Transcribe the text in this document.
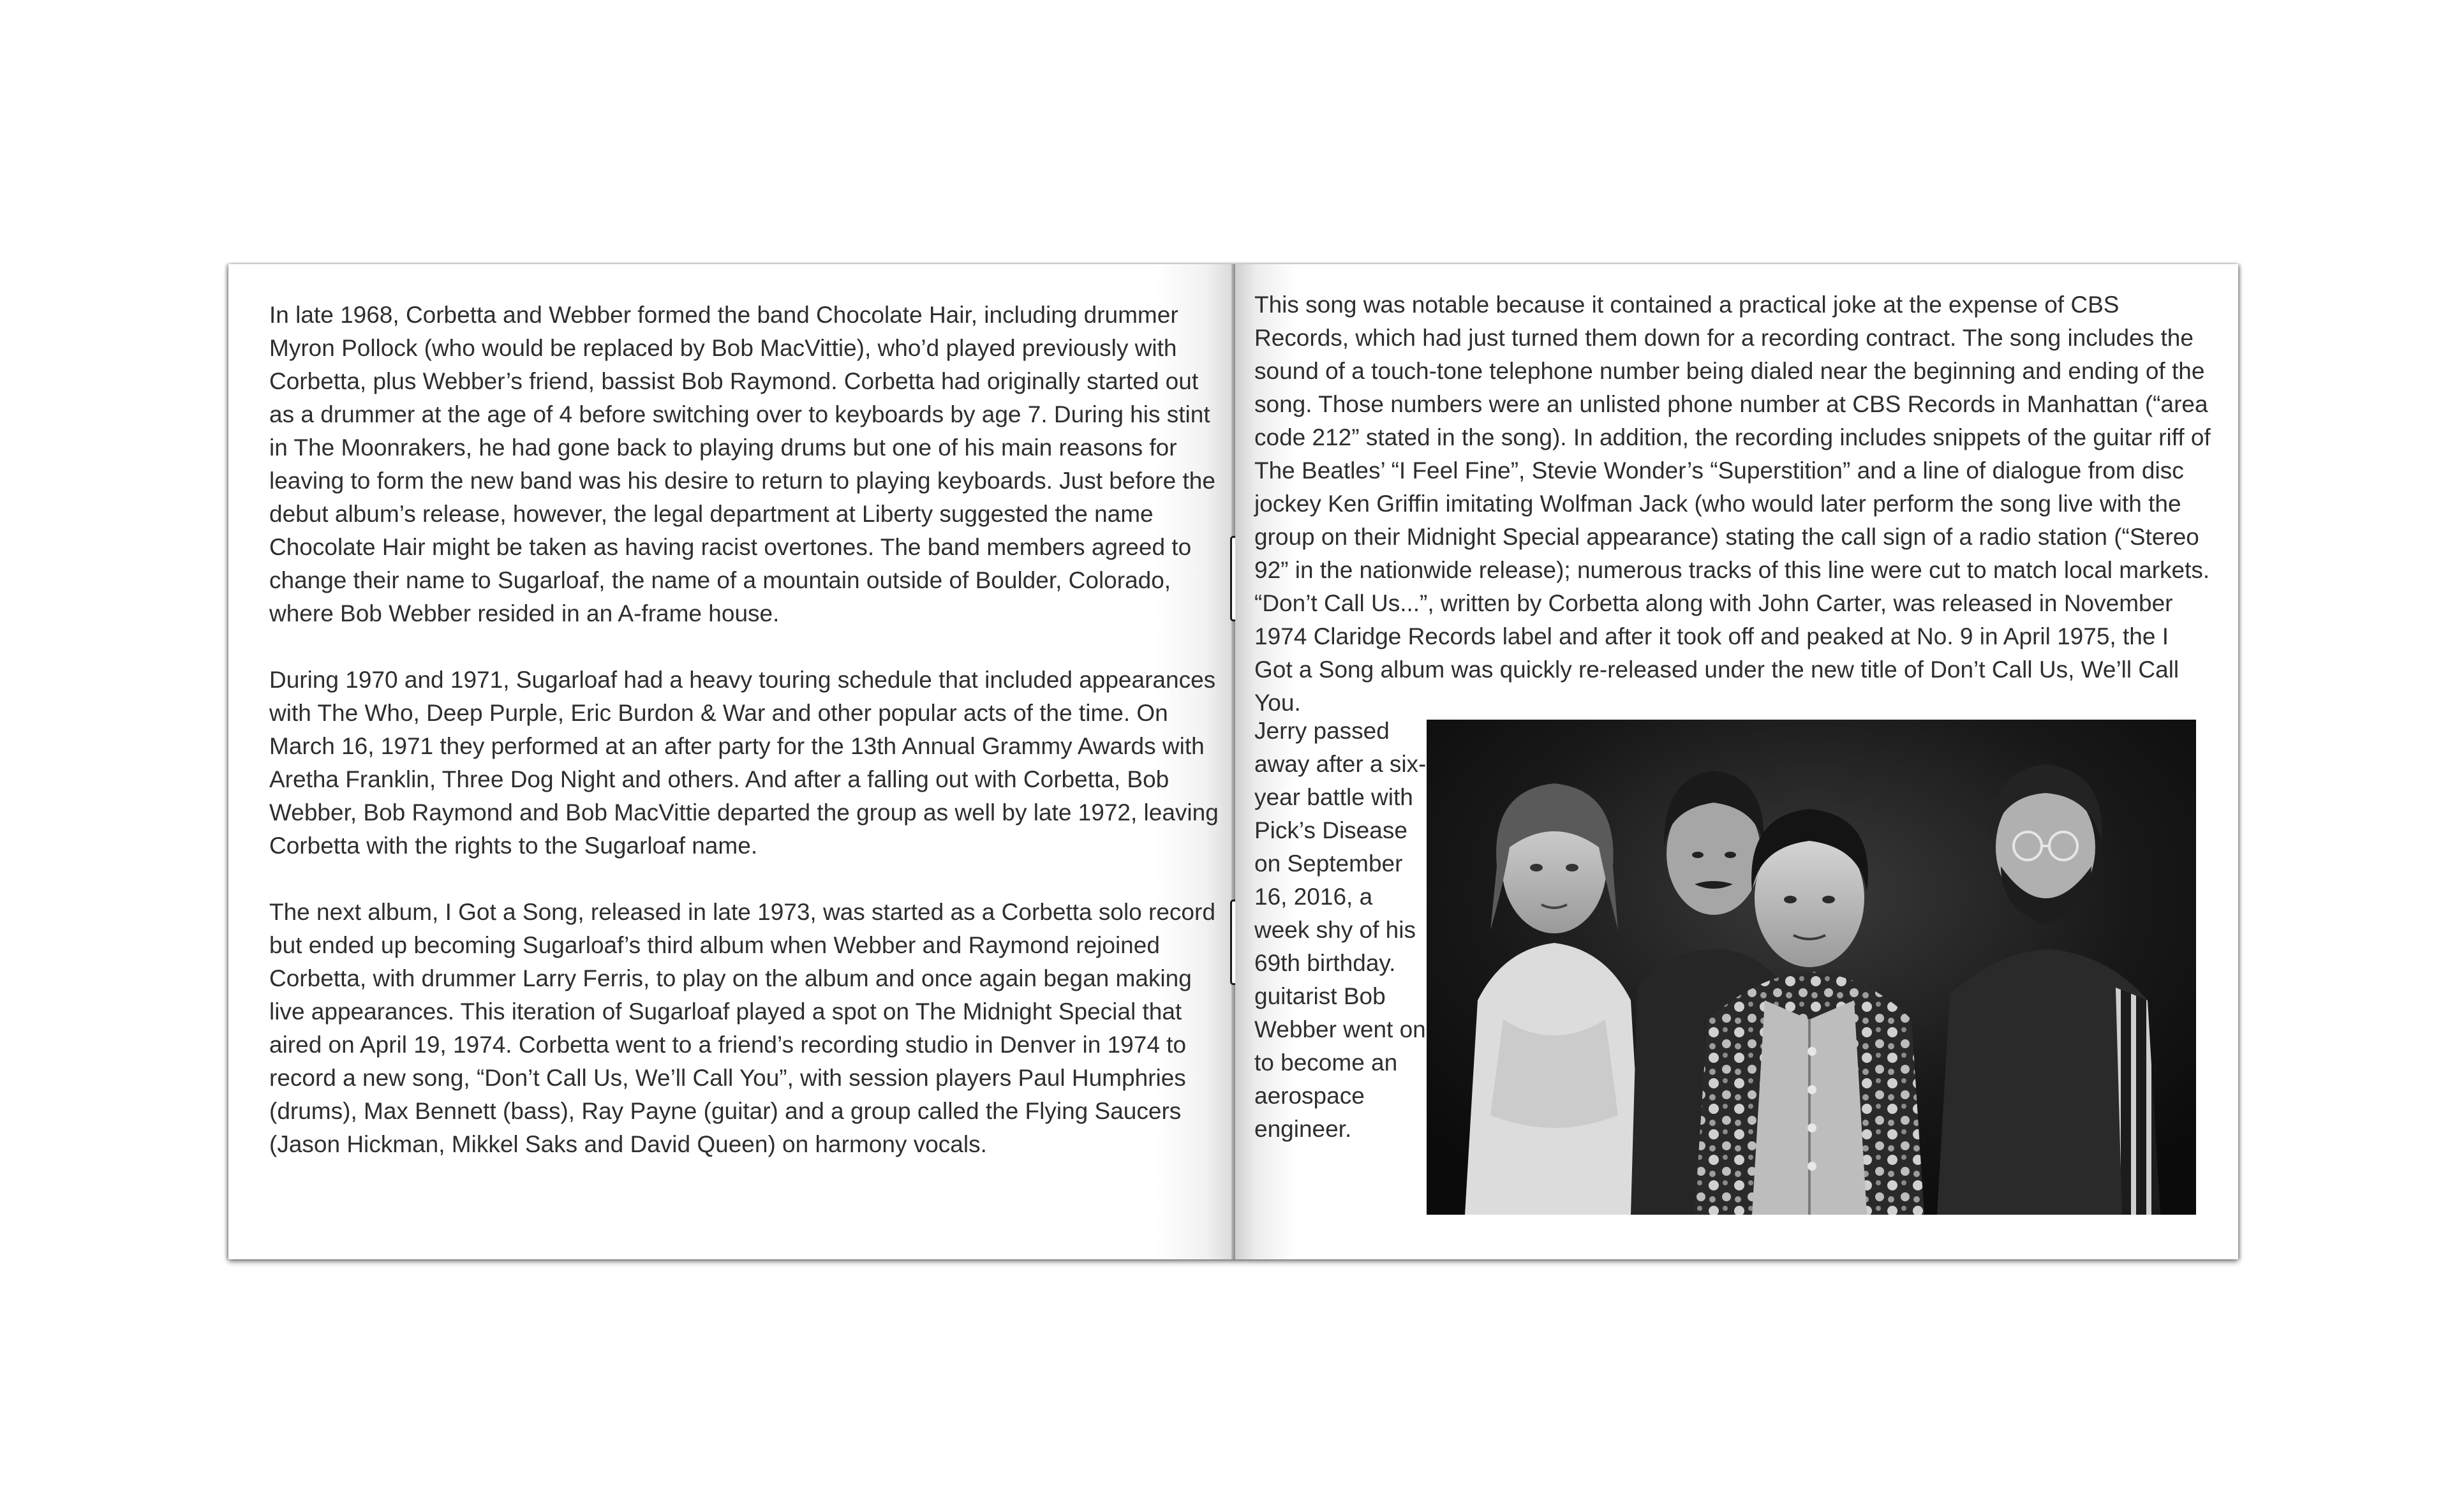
In late 1968, Corbetta and Webber formed the band Chocolate Hair, including drummer Myron Pollock (who would be replaced by Bob MacVittie), who’d played previously with Corbetta, plus Webber’s friend, bassist Bob Raymond. Corbetta had originally started out as a drummer at the age of 4 before switching over to keyboards by age 7. During his stint in The Moonrakers, he had gone back to playing drums but one of his main reasons for leaving to form the new band was his desire to return to playing keyboards. Just before the debut album’s release, however, the legal department at Liberty suggested the name Chocolate Hair might be taken as having racist overtones. The band members agreed to change their name to Sugarloaf, the name of a mountain outside of Boulder, Colorado, where Bob Webber resided in an A-frame house.

During 1970 and 1971, Sugarloaf had a heavy touring schedule that included appearances with The Who, Deep Purple, Eric Burdon & War and other popular acts of the time. On March 16, 1971 they performed at an after party for the 13th Annual Grammy Awards with Aretha Franklin, Three Dog Night and others. And after a falling out with Corbetta, Bob Webber, Bob Raymond and Bob MacVittie departed the group as well by late 1972, leaving Corbetta with the rights to the Sugarloaf name.

The next album, I Got a Song, released in late 1973, was started as a Corbetta solo record but ended up becoming Sugarloaf’s third album when Webber and Raymond rejoined Corbetta, with drummer Larry Ferris, to play on the album and once again began making live appearances. This iteration of Sugarloaf played a spot on The Midnight Special that aired on April 19, 1974. Corbetta went to a friend’s recording studio in Denver in 1974 to record a new song, “Don’t Call Us, We’ll Call You”, with session players Paul Humphries (drums), Max Bennett (bass), Ray Payne (guitar) and a group called the Flying Saucers (Jason Hickman, Mikkel Saks and David Queen) on harmony vocals.

This song was notable because it contained a practical joke at the expense of CBS Records, which had just turned them down for a recording contract. The song includes the sound of a touch-tone telephone number being dialed near the beginning and ending of the song. Those numbers were an unlisted phone number at CBS Records in Manhattan (“area code 212” stated in the song). In addition, the recording includes snippets of the guitar riff of The Beatles’ “I Feel Fine”, Stevie Wonder’s “Superstition” and a line of dialogue from disc jockey Ken Griffin imitating Wolfman Jack (who would later perform the song live with the group on their Midnight Special appearance) stating the call sign of a radio station (“Stereo 92” in the nationwide release); numerous tracks of this line were cut to match local markets. “Don’t Call Us...”, written by Corbetta along with John Carter, was released in November 1974 Claridge Records label and after it took off and peaked at No. 9 in April 1975, the I Got a Song album was quickly re-released under the new title of Don’t Call Us, We’ll Call You.

Jerry passed away after a six-year battle with Pick’s Disease on September 16, 2016, a week shy of his 69th birthday. guitarist Bob Webber went on to become an aerospace engineer.
